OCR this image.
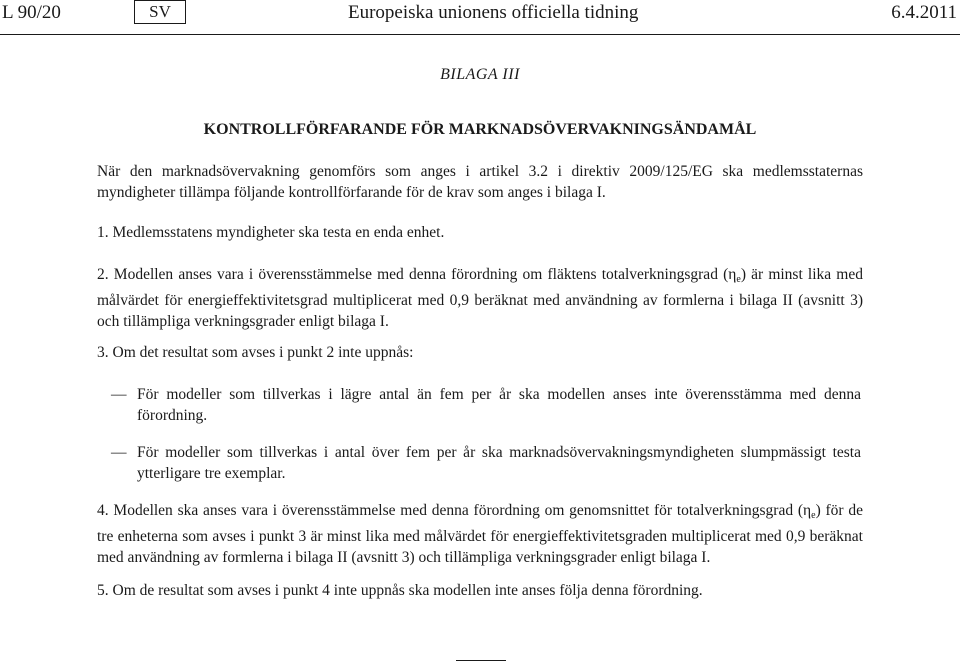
L 90/20	SV	Europeiska unionens officiella tidning	6.4.2011
BILAGA III
KONTROLLFÖRFARANDE FÖR MARKNADSÖVERVAKNINGSÄNDAMÅL
När den marknadsövervakning genomförs som anges i artikel 3.2 i direktiv 2009/125/EG ska medlemsstaternas myndigheter tillämpa följande kontrollförfarande för de krav som anges i bilaga I.
1. Medlemsstatens myndigheter ska testa en enda enhet.
2. Modellen anses vara i överensstämmelse med denna förordning om fläktens totalverkningsgrad $(\eta_e)$ är minst lika med målvärdet för energieffektivitetsgrad multiplicerat med 0,9 beräknat med användning av formlerna i bilaga II (avsnitt 3) och tillämpliga verkningsgrader enligt bilaga I.
3. Om det resultat som avses i punkt 2 inte uppnås:
— För modeller som tillverkas i lägre antal än fem per år ska modellen anses inte överensstämma med denna förordning.
— För modeller som tillverkas i antal över fem per år ska marknadsövervakningsmyndigheten slumpmässigt testa ytterligare tre exemplar.
4. Modellen ska anses vara i överensstämmelse med denna förordning om genomsnittet för totalverkningsgrad $(\eta_e)$ för de tre enheterna som avses i punkt 3 är minst lika med målvärdet för energieffektivitetsgraden multiplicerat med 0,9 beräknat med användning av formlerna i bilaga II (avsnitt 3) och tillämpliga verkningsgrader enligt bilaga I.
5. Om de resultat som avses i punkt 4 inte uppnås ska modellen inte anses följa denna förordning.
